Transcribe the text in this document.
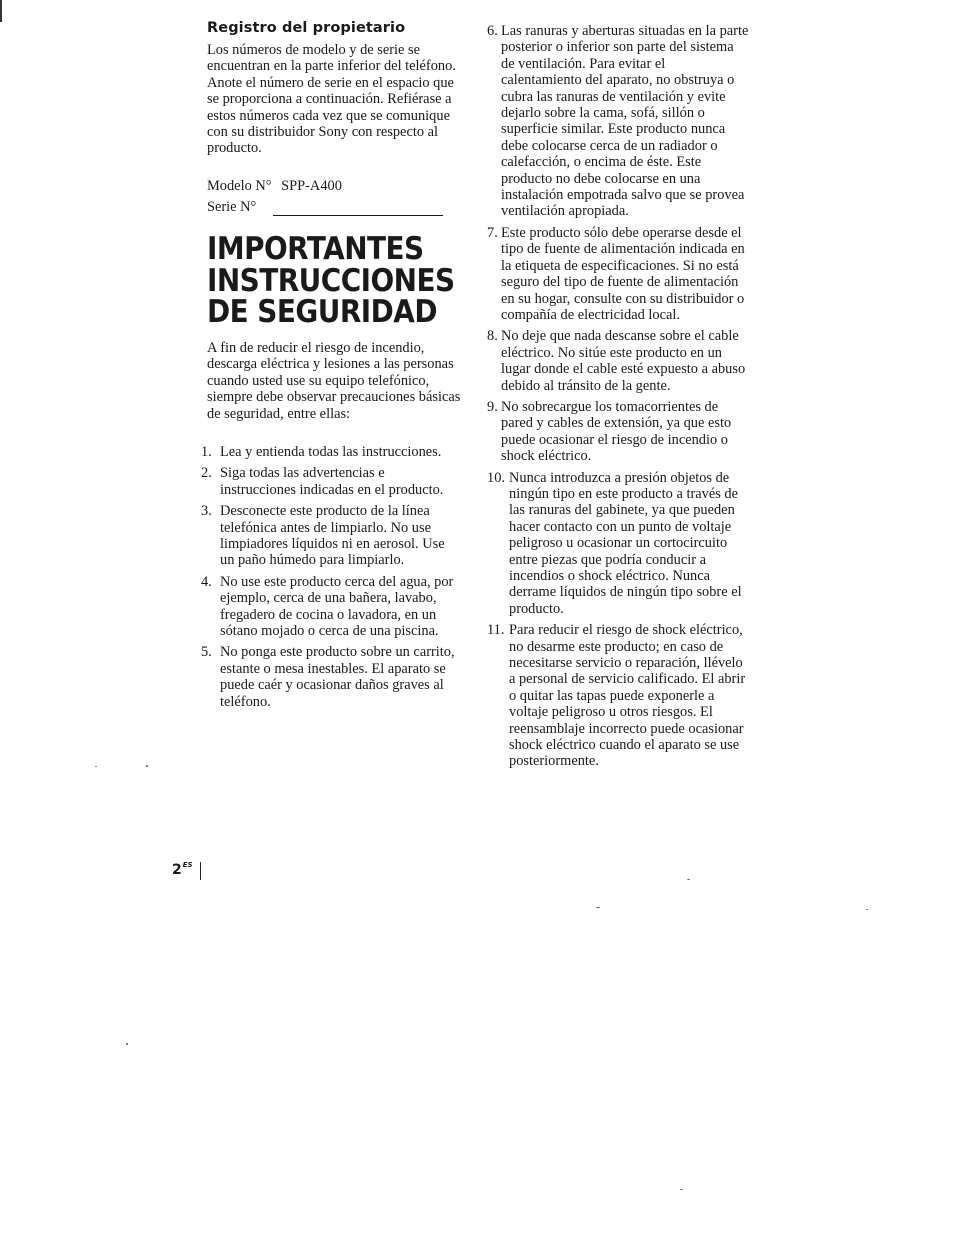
Registro del propietario

Los números de modelo y de serie se encuentran en la parte inferior del teléfono. Anote el número de serie en el espacio que se proporciona a continuación. Refiérase a estos números cada vez que se comunique con su distribuidor Sony con respecto al producto.

Modelo N° SPP-A400
Serie N°
IMPORTANTES
INSTRUCCIONES
DE SEGURIDAD

A fin de reducir el riesgo de incendio, descarga eléctrica y lesiones a las personas cuando usted use su equipo telefónico, siempre debe observar precauciones básicas de seguridad, entre ellas:

1. Lea y entienda todas las instrucciones.
2. Siga todas las advertencias e instrucciones indicadas en el producto.
3. Desconecte este producto de la línea telefónica antes de limpiarlo. No use limpiadores líquidos ni en aerosol. Use un paño húmedo para limpiarlo.
4. No use este producto cerca del agua, por ejemplo, cerca de una bañera, lavabo, fregadero de cocina o lavadora, en un sótano mojado o cerca de una piscina.
5. No ponga este producto sobre un carrito, estante o mesa inestables. El aparato se puede caér y ocasionar daños graves al teléfono.
6. Las ranuras y aberturas situadas en la parte posterior o inferior son parte del sistema de ventilación. Para evitar el calentamiento del aparato, no obstruya o cubra las ranuras de ventilación y evite dejarlo sobre la cama, sofá, sillón o superficie similar. Este producto nunca debe colocarse cerca de un radiador o calefacción, o encima de éste. Este producto no debe colocarse en una instalación empotrada salvo que se provea ventilación apropiada.
7. Este producto sólo debe operarse desde el tipo de fuente de alimentación indicada en la etiqueta de especificaciones. Si no está seguro del tipo de fuente de alimentación en su hogar, consulte con su distribuidor o compañía de electricidad local.
8. No deje que nada descanse sobre el cable eléctrico. No sitúe este producto en un lugar donde el cable esté expuesto a abuso debido al tránsito de la gente.
9. No sobrecargue los tomacorrientes de pared y cables de extensión, ya que esto puede ocasionar el riesgo de incendio o shock eléctrico.
10. Nunca introduzca a presión objetos de ningún tipo en este producto a través de las ranuras del gabinete, ya que pueden hacer contacto con un punto de voltaje peligroso u ocasionar un cortocircuito entre piezas que podría conducir a incendios o shock eléctrico. Nunca derrame líquidos de ningún tipo sobre el producto.
11. Para reducir el riesgo de shock eléctrico, no desarme este producto; en caso de necesitarse servicio o reparación, llévelo a personal de servicio calificado. El abrir o quitar las tapas puede exponerle a voltaje peligroso u otros riesgos. El reensamblaje incorrecto puede ocasionar shock eléctrico cuando el aparato se use posteriormente.
$2^{ES}$
